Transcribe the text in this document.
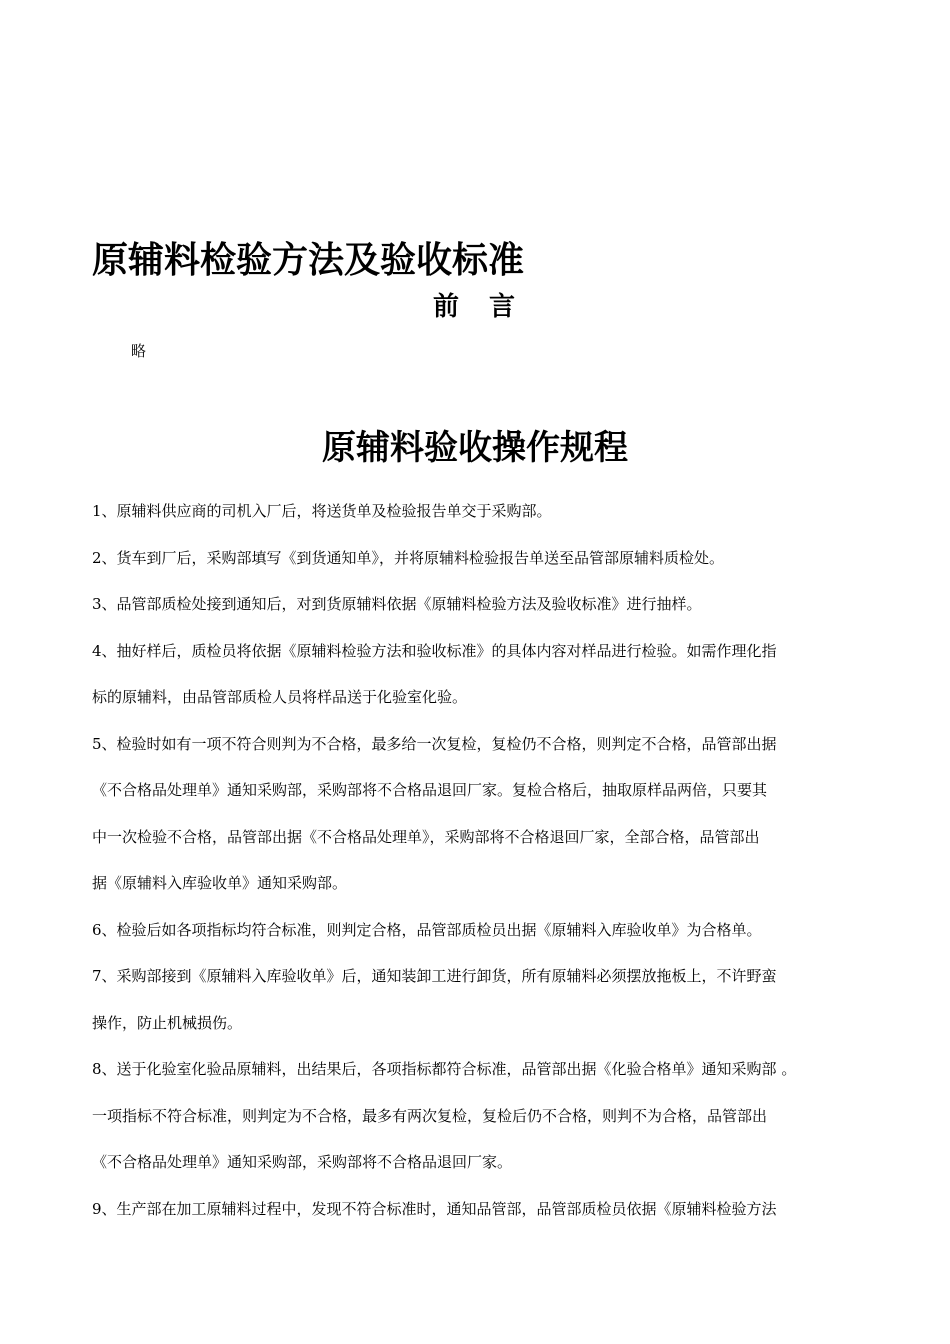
原辅料检验方法及验收标准
前 言
略
原辅料验收操作规程
1、原辅料供应商的司机入厂后，将送货单及检验报告单交于采购部。
2、货车到厂后，采购部填写《到货通知单》，并将原辅料检验报告单送至品管部原辅料质检处。
3、品管部质检处接到通知后，对到货原辅料依据《原辅料检验方法及验收标准》进行抽样。
4、抽好样后，质检员将依据《原辅料检验方法和验收标准》的具体内容对样品进行检验。如需作理化指
标的原辅料，由品管部质检人员将样品送于化验室化验。
5、检验时如有一项不符合则判为不合格，最多给一次复检，复检仍不合格，则判定不合格，品管部出据
《不合格品处理单》通知采购部，采购部将不合格品退回厂家。复检合格后，抽取原样品两倍，只要其
中一次检验不合格，品管部出据《不合格品处理单》，采购部将不合格退回厂家，全部合格，品管部出
据《原辅料入库验收单》通知采购部。
6、检验后如各项指标均符合标准，则判定合格，品管部质检员出据《原辅料入库验收单》为合格单。
7、采购部接到《原辅料入库验收单》后，通知装卸工进行卸货，所有原辅料必须摆放拖板上，不许野蛮
操作，防止机械损伤。
8、送于化验室化验品原辅料，出结果后，各项指标都符合标准，品管部出据《化验合格单》通知采购部 。
一项指标不符合标准，则判定为不合格，最多有两次复检，复检后仍不合格，则判不为合格，品管部出
《不合格品处理单》通知采购部，采购部将不合格品退回厂家。
9、生产部在加工原辅料过程中，发现不符合标准时，通知品管部，品管部质检员依据《原辅料检验方法
